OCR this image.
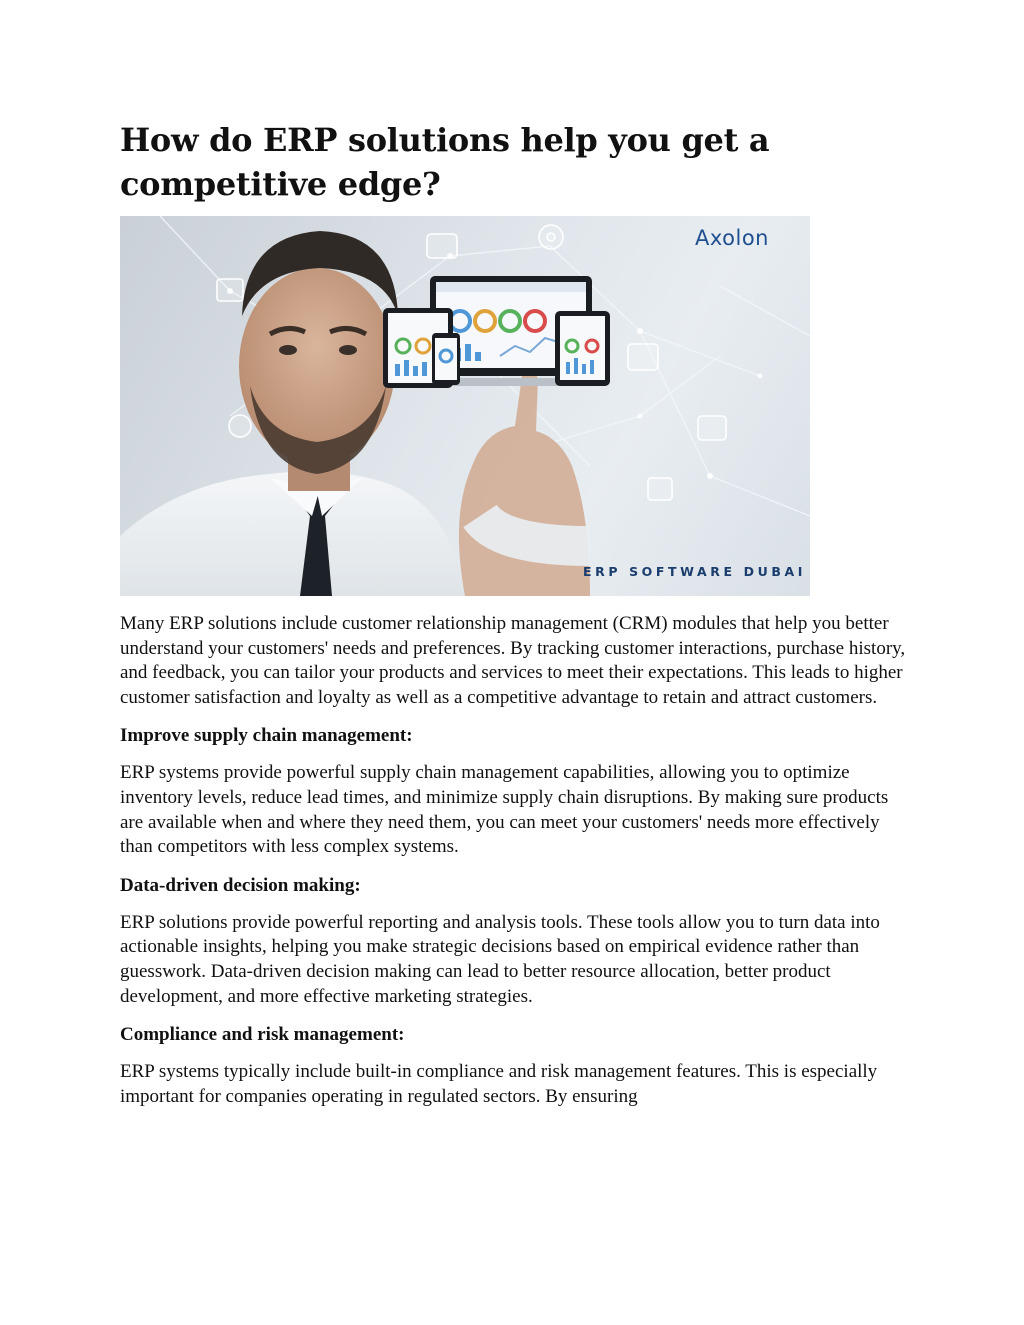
How do ERP solutions help you get a competitive edge?
Axolon
ERP SOFTWARE DUBAI

Many ERP solutions include customer relationship management (CRM) modules that help you better understand your customers' needs and preferences. By tracking customer interactions, purchase history, and feedback, you can tailor your products and services to meet their expectations. This leads to higher customer satisfaction and loyalty as well as a competitive advantage to retain and attract customers.

Improve supply chain management:

ERP systems provide powerful supply chain management capabilities, allowing you to optimize inventory levels, reduce lead times, and minimize supply chain disruptions. By making sure products are available when and where they need them, you can meet your customers' needs more effectively than competitors with less complex systems.

Data-driven decision making:

ERP solutions provide powerful reporting and analysis tools. These tools allow you to turn data into actionable insights, helping you make strategic decisions based on empirical evidence rather than guesswork. Data-driven decision making can lead to better resource allocation, better product development, and more effective marketing strategies.

Compliance and risk management:

ERP systems typically include built-in compliance and risk management features. This is especially important for companies operating in regulated sectors. By ensuring
